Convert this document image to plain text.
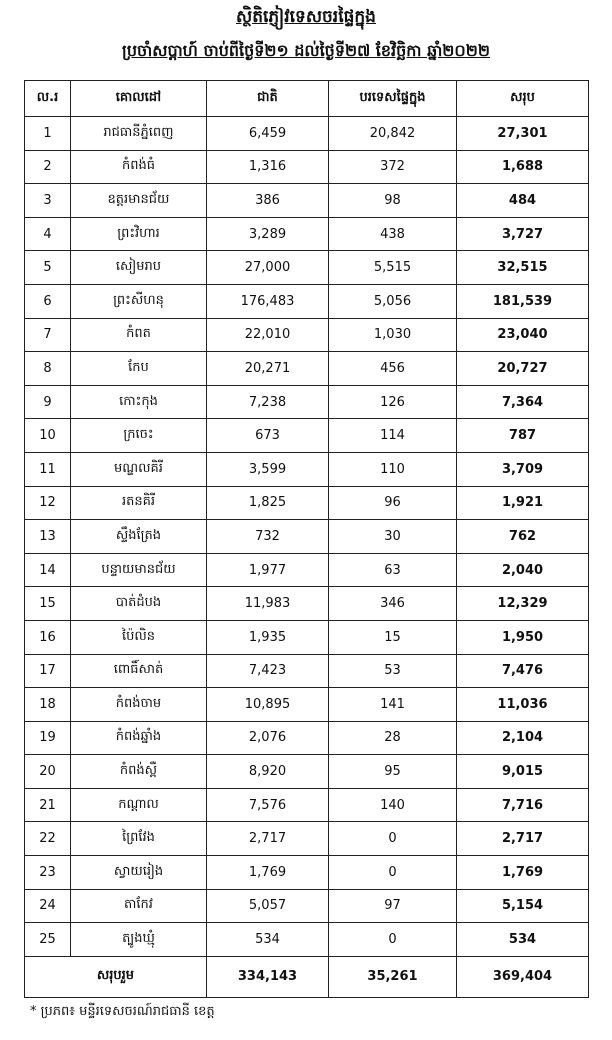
ស្ថិតិភ្ញៀវទេសចរផ្ទៃក្នុង
ប្រចាំសប្តាហ៍ ចាប់ពីថ្ងៃទី២១ ដល់ថ្ងៃទី២៧ ខែវិច្ឆិកា ឆ្នាំ២០២២
ល.រ	គោលដៅ	ជាតិ	បរទេសផ្ទៃក្នុង	សរុប
1	រាជធានីភ្នំពេញ	6,459	20,842	27,301
2	កំពង់ធំ	1,316	372	1,688
3	ឧត្តរមានជ័យ	386	98	484
4	ព្រះវិហារ	3,289	438	3,727
5	សៀមរាប	27,000	5,515	32,515
6	ព្រះសីហនុ	176,483	5,056	181,539
7	កំពត	22,010	1,030	23,040
8	កែប	20,271	456	20,727
9	កោះកុង	7,238	126	7,364
10	ក្រចេះ	673	114	787
11	មណ្ឌលគិរី	3,599	110	3,709
12	រតនគិរី	1,825	96	1,921
13	ស្ទឹងត្រែង	732	30	762
14	បន្ទាយមានជ័យ	1,977	63	2,040
15	បាត់ដំបង	11,983	346	12,329
16	ប៉ៃលិន	1,935	15	1,950
17	ពោធិ៍សាត់	7,423	53	7,476
18	កំពង់ចាម	10,895	141	11,036
19	កំពង់ឆ្នាំង	2,076	28	2,104
20	កំពង់ស្ពឺ	8,920	95	9,015
21	កណ្តាល	7,576	140	7,716
22	ព្រៃវែង	2,717	0	2,717
23	ស្វាយរៀង	1,769	0	1,769
24	តាកែវ	5,057	97	5,154
25	ត្បូងឃ្មុំ	534	0	534
សរុបរួម		334,143	35,261	369,404
* ប្រភព៖ មន្ទីរទេសចរណ៍រាជធានី ខេត្ត
